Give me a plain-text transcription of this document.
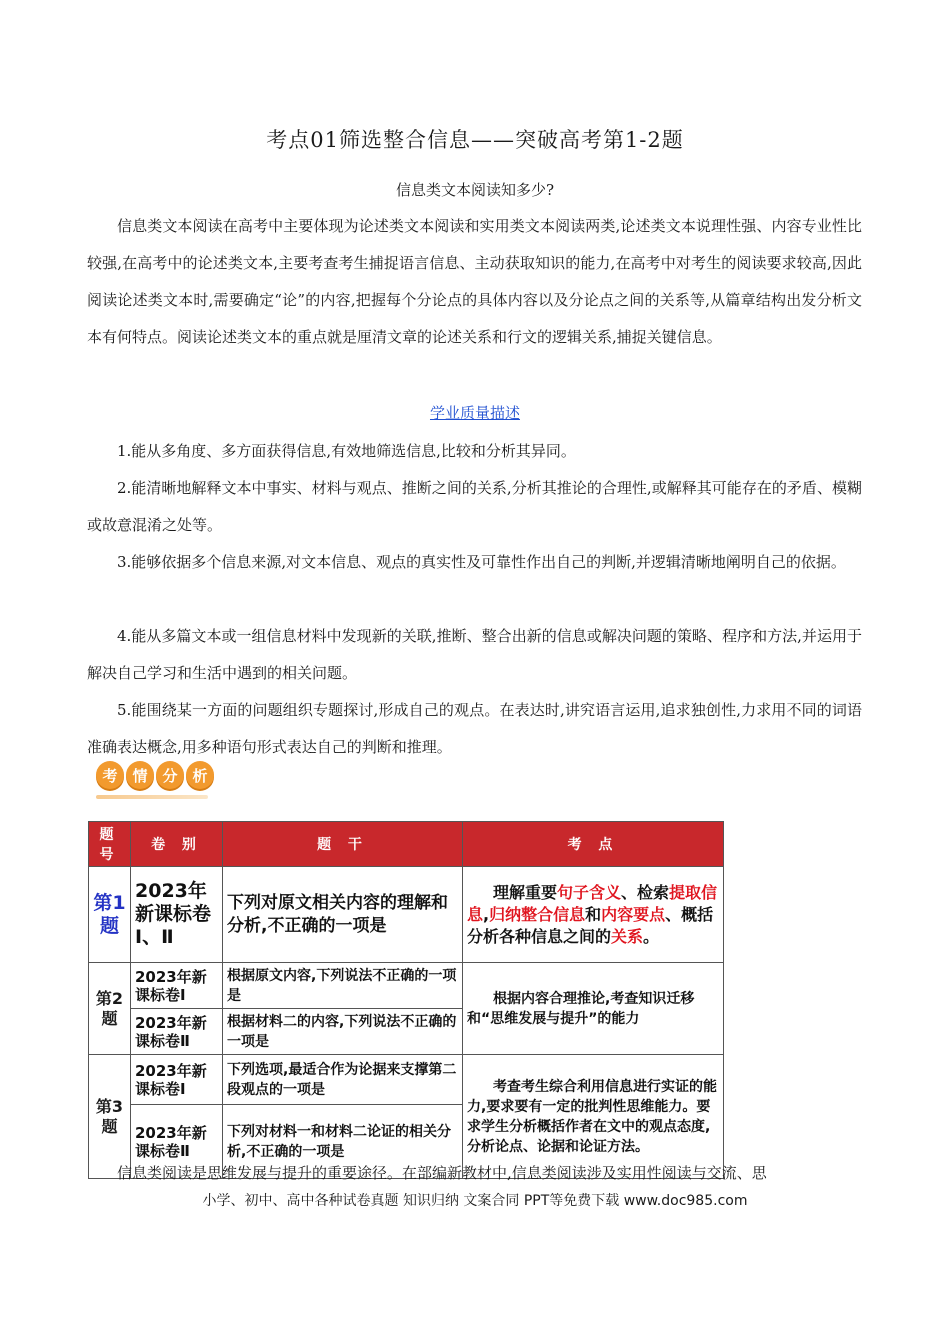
考点01筛选整合信息——突破高考第1-2题
信息类文本阅读知多少?

信息类文本阅读在高考中主要体现为论述类文本阅读和实用类文本阅读两类,论述类文本说理性强、内容专业性比较强,在高考中的论述类文本,主要考查考生捕捉语言信息、主动获取知识的能力,在高考中对考生的阅读要求较高,因此阅读论述类文本时,需要确定“论”的内容,把握每个分论点的具体内容以及分论点之间的关系等,从篇章结构出发分析文本有何特点。阅读论述类文本的重点就是厘清文章的论述关系和行文的逻辑关系,捕捉关键信息。

学业质量描述

1.能从多角度、多方面获得信息,有效地筛选信息,比较和分析其异同。

2.能清晰地解释文本中事实、材料与观点、推断之间的关系,分析其推论的合理性,或解释其可能存在的矛盾、模糊或故意混淆之处等。

3.能够依据多个信息来源,对文本信息、观点的真实性及可靠性作出自己的判断,并逻辑清晰地阐明自己的依据。

4.能从多篇文本或一组信息材料中发现新的关联,推断、整合出新的信息或解决问题的策略、程序和方法,并运用于解决自己学习和生活中遇到的相关问题。

5.能围绕某一方面的问题组织专题探讨,形成自己的观点。在表达时,讲究语言运用,追求独创性,力求用不同的词语准确表达概念,用多种语句形式表达自己的判断和推理。

考 情 分 析
题号	卷 别	题 干	考 点
第1题	2023年新课标卷Ⅰ、Ⅱ	下列对原文相关内容的理解和分析,不正确的一项是	理解重要句子含义、检索提取信息,归纳整合信息和内容要点、概括分析各种信息之间的关系。
第2题	2023年新课标卷Ⅰ	根据原文内容,下列说法不正确的一项是	根据内容合理推论,考查知识迁移和“思维发展与提升”的能力
	2023年新课标卷Ⅱ	根据材料二的内容,下列说法不正确的一项是	
第3题	2023年新课标卷Ⅰ	下列选项,最适合作为论据来支撑第二段观点的一项是	考查考生综合利用信息进行实证的能力,要求要有一定的批判性思维能力。要求学生分析概括作者在文中的观点态度,分析论点、论据和论证方法。
	2023年新课标卷Ⅱ	下列对材料一和材料二论证的相关分析,不正确的一项是	

信息类阅读是思维发展与提升的重要途径。在部编新教材中,信息类阅读涉及实用性阅读与交流、思

小学、初中、高中各种试卷真题 知识归纳 文案合同 PPT等免费下载 www.doc985.com
